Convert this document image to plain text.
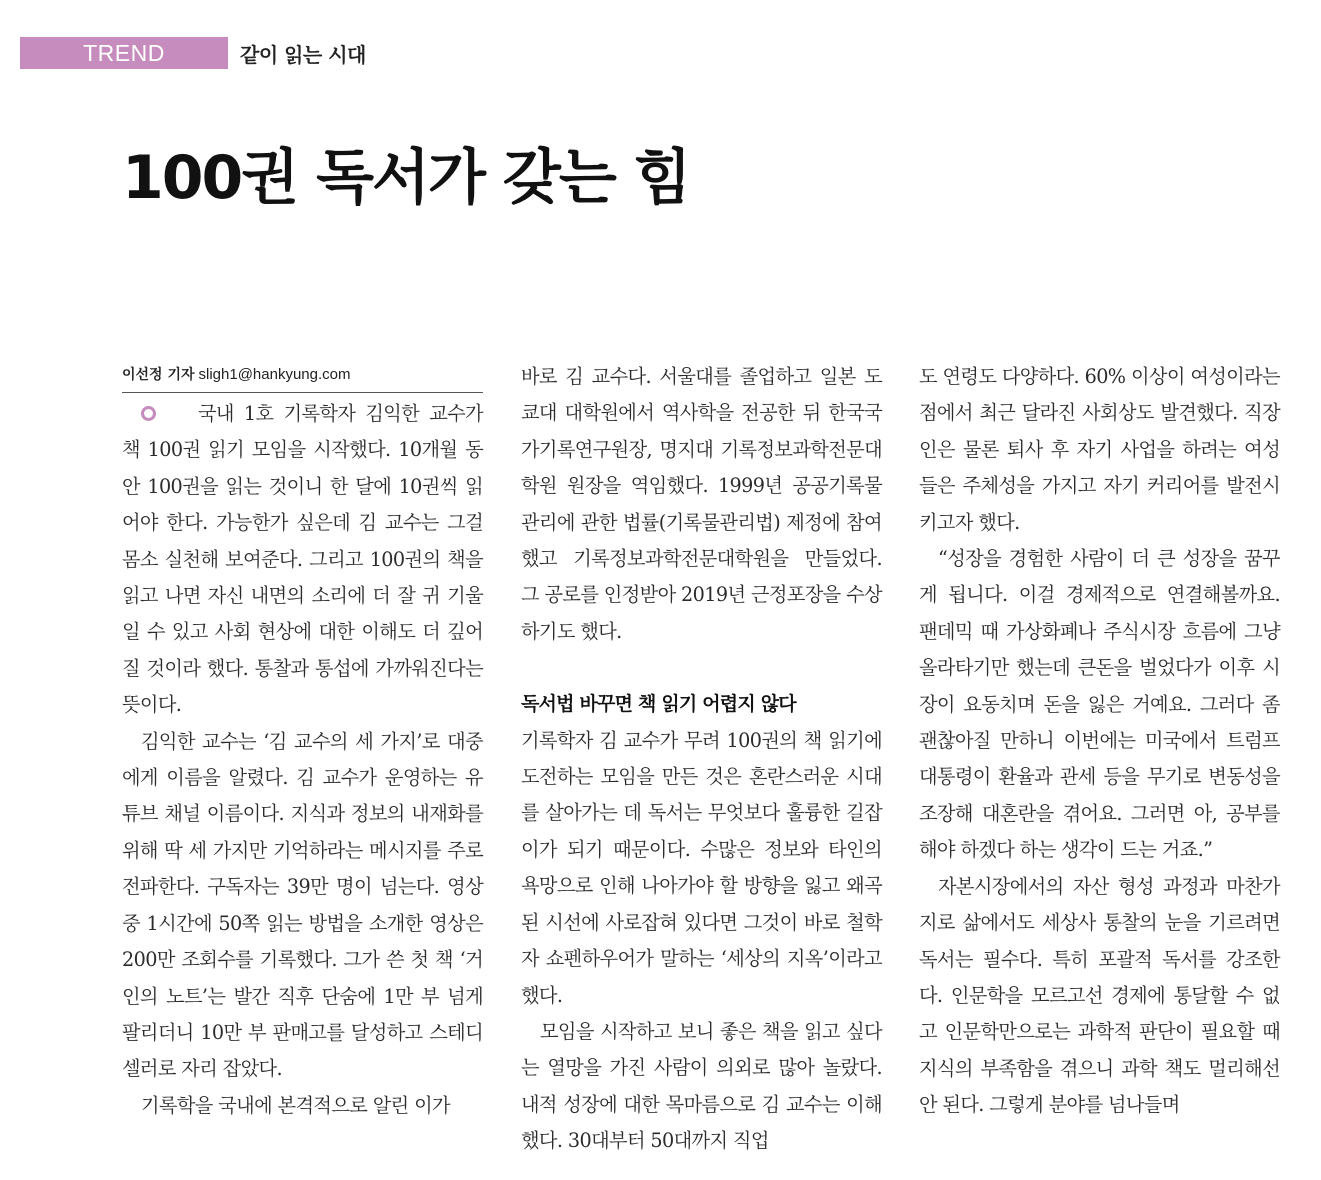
TREND	같이 읽는 시대
100권 독서가 갖는 힘
이선정 기자 sligh1@hankyung.com

국내 1호 기록학자 김익한 교수가 책 100권 읽기 모임을 시작했다. 10개월 동안 100권을 읽는 것이니 한 달에 10권씩 읽어야 한다. 가능한가 싶은데 김 교수는 그걸 몸소 실천해 보여준다. 그리고 100권의 책을 읽고 나면 자신 내면의 소리에 더 잘 귀 기울일 수 있고 사회 현상에 대한 이해도 더 깊어질 것이라 했다. 통찰과 통섭에 가까워진다는 뜻이다.

김익한 교수는 ‘김 교수의 세 가지’로 대중에게 이름을 알렸다. 김 교수가 운영하는 유튜브 채널 이름이다. 지식과 정보의 내재화를 위해 딱 세 가지만 기억하라는 메시지를 주로 전파한다. 구독자는 39만 명이 넘는다. 영상 중 1시간에 50쪽 읽는 방법을 소개한 영상은 200만 조회수를 기록했다. 그가 쓴 첫 책 ‘거인의 노트’는 발간 직후 단숨에 1만 부 넘게 팔리더니 10만 부 판매고를 달성하고 스테디셀러로 자리 잡았다.

기록학을 국내에 본격적으로 알린 이가

바로 김 교수다. 서울대를 졸업하고 일본 도쿄대 대학원에서 역사학을 전공한 뒤 한국국가기록연구원장, 명지대 기록정보과학전문대학원 원장을 역임했다. 1999년 공공기록물 관리에 관한 법률(기록물관리법) 제정에 참여했고 기록정보과학전문대학원을 만들었다. 그 공로를 인정받아 2019년 근정포장을 수상하기도 했다.

독서법 바꾸면 책 읽기 어렵지 않다

기록학자 김 교수가 무려 100권의 책 읽기에 도전하는 모임을 만든 것은 혼란스러운 시대를 살아가는 데 독서는 무엇보다 훌륭한 길잡이가 되기 때문이다. 수많은 정보와 타인의 욕망으로 인해 나아가야 할 방향을 잃고 왜곡된 시선에 사로잡혀 있다면 그것이 바로 철학자 쇼펜하우어가 말하는 ‘세상의 지옥’이라고 했다.

모임을 시작하고 보니 좋은 책을 읽고 싶다는 열망을 가진 사람이 의외로 많아 놀랐다. 내적 성장에 대한 목마름으로 김 교수는 이해했다. 30대부터 50대까지 직업

도 연령도 다양하다. 60% 이상이 여성이라는 점에서 최근 달라진 사회상도 발견했다. 직장인은 물론 퇴사 후 자기 사업을 하려는 여성들은 주체성을 가지고 자기 커리어를 발전시키고자 했다.

“성장을 경험한 사람이 더 큰 성장을 꿈꾸게 됩니다. 이걸 경제적으로 연결해볼까요. 팬데믹 때 가상화폐나 주식시장 흐름에 그냥 올라타기만 했는데 큰돈을 벌었다가 이후 시장이 요동치며 돈을 잃은 거예요. 그러다 좀 괜찮아질 만하니 이번에는 미국에서 트럼프 대통령이 환율과 관세 등을 무기로 변동성을 조장해 대혼란을 겪어요. 그러면 아, 공부를 해야 하겠다 하는 생각이 드는 거죠.”

자본시장에서의 자산 형성 과정과 마찬가지로 삶에서도 세상사 통찰의 눈을 기르려면 독서는 필수다. 특히 포괄적 독서를 강조한다. 인문학을 모르고선 경제에 통달할 수 없고 인문학만으로는 과학적 판단이 필요할 때 지식의 부족함을 겪으니 과학 책도 멀리해선 안 된다. 그렇게 분야를 넘나들며
